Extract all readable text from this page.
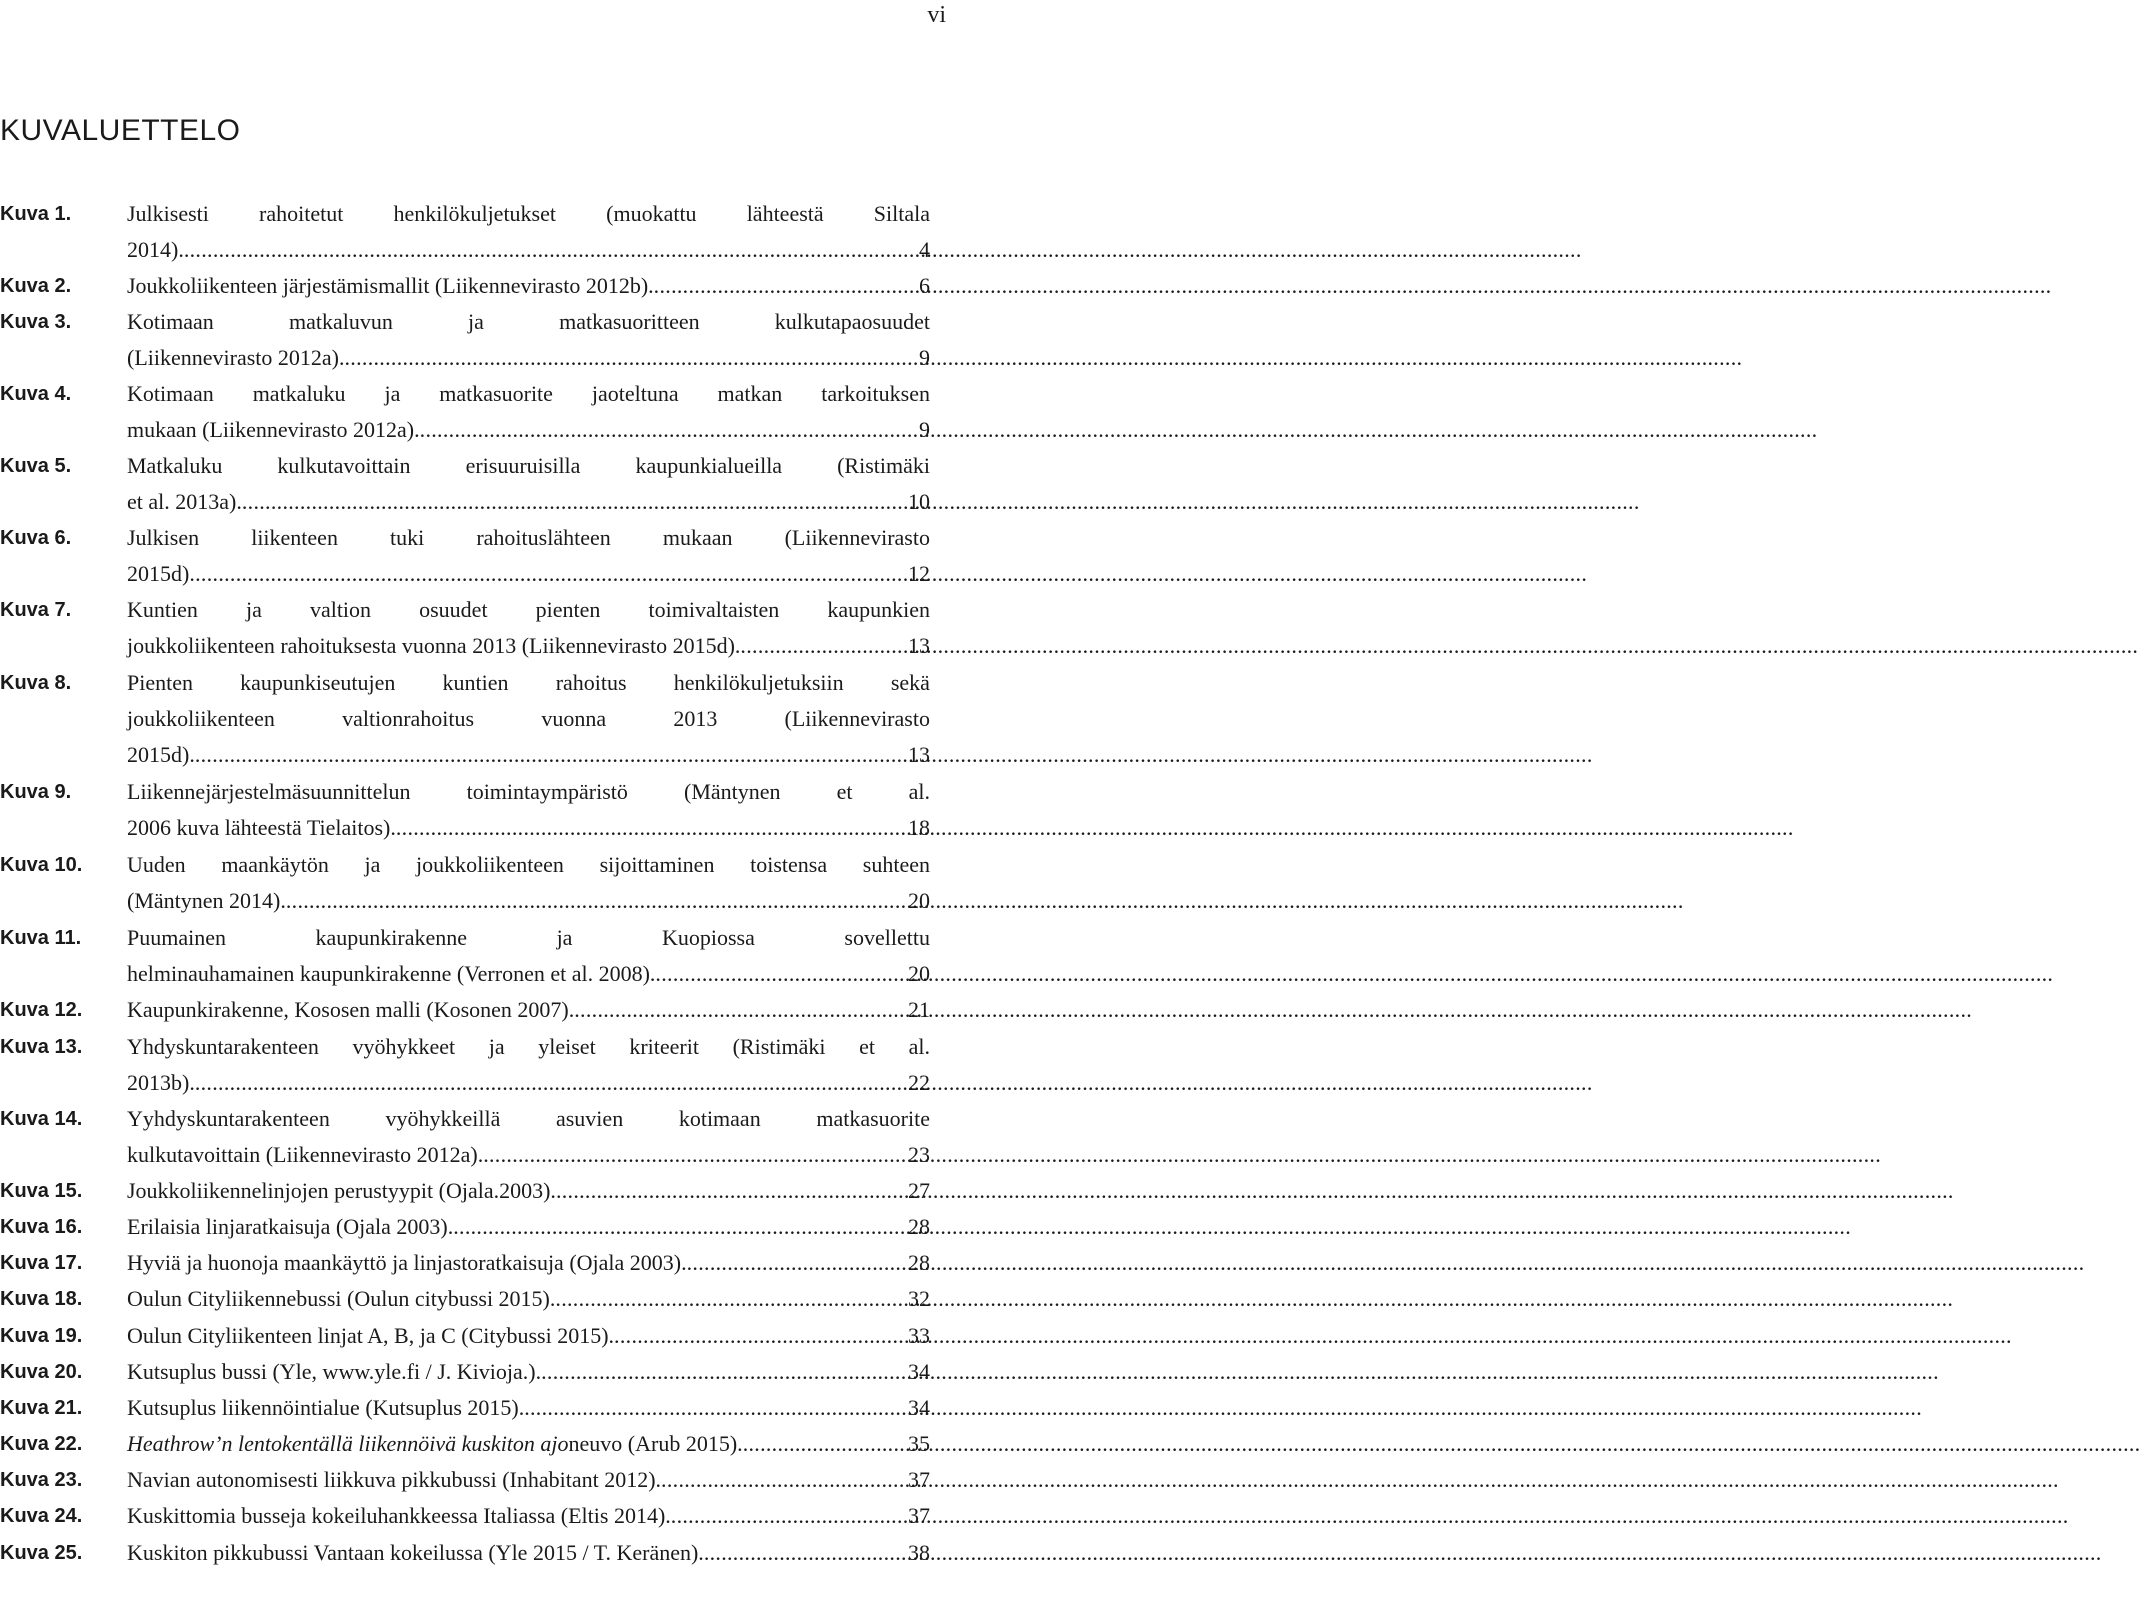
vi
KUVALUETTELO
Kuva 1.	Julkisesti rahoitetut henkilökuljetukset (muokattu lähteestä Siltala
2014). .....	4
Kuva 2.	Joukkoliikenteen järjestämismallit (Liikennevirasto 2012b). .....	6
Kuva 3.	Kotimaan	matkaluvun	ja	matkasuoritteen	kulkutapaosuudet
(Liikennevirasto 2012a). .....	9
Kuva 4.	Kotimaan matkaluku ja matkasuorite jaoteltuna matkan tarkoituksen
mukaan (Liikennevirasto 2012a). .....	9
Kuva 5.	Matkaluku	kulkutavoittain	erisuuruisilla	kaupunkialueilla	(Ristimäki
et al. 2013a). .....	10
Kuva 6.	Julkisen liikenteen tuki rahoituslähteen mukaan (Liikennevirasto
2015d) .....	12
Kuva 7.	Kuntien ja valtion osuudet pienten toimivaltaisten kaupunkien
joukkoliikenteen rahoituksesta vuonna 2013 (Liikennevirasto 2015d). .....	13
Kuva 8.	Pienten kaupunkiseutujen kuntien rahoitus henkilökuljetuksiin sekä
joukkoliikenteen	valtionrahoitus	vuonna	2013	(Liikennevirasto
2015d). .....	13
Kuva 9.	Liikennejärjestelmäsuunnittelun	toimintaympäristö	(Mäntynen	et	al.
2006 kuva lähteestä Tielaitos). .....	18
Kuva 10. Uuden maankäytön ja joukkoliikenteen sijoittaminen toistensa suhteen
(Mäntynen 2014). .....	20
Kuva 11. Puumainen	kaupunkirakenne	ja	Kuopiossa	sovellettu
helminauhamainen kaupunkirakenne (Verronen et al. 2008). .....	20
Kuva 12. Kaupunkirakenne, Kososen malli (Kosonen 2007). .....	21
Kuva 13. Yhdyskuntarakenteen vyöhykkeet ja yleiset kriteerit (Ristimäki et al.
2013b). .....	22
Kuva 14. Yyhdyskuntarakenteen	vyöhykkeillä	asuvien	kotimaan	matkasuorite
kulkutavoittain (Liikennevirasto 2012a). .....	23
Kuva 15. Joukkoliikennelinjojen perustyypit (Ojala.2003). .....	27
Kuva 16. Erilaisia linjaratkaisuja (Ojala 2003). .....	28
Kuva 17. Hyviä ja huonoja maankäyttö ja linjastoratkaisuja (Ojala 2003). .....	28
Kuva 18. Oulun Cityliikennebussi (Oulun citybussi 2015). .....	32
Kuva 19. Oulun Cityliikenteen linjat A, B, ja C (Citybussi 2015). .....	33
Kuva 20. Kutsuplus bussi (Yle, www.yle.fi / J. Kivioja.). .....	34
Kuva 21. Kutsuplus liikennöintialue (Kutsuplus 2015). .....	34
Kuva 22. Heathrow’n lentokentällä liikennöivä kuskiton ajoneuvo (Arub 2015). .....	35
Kuva 23. Navian autonomisesti liikkuva pikkubussi (Inhabitant 2012). .....	37
Kuva 24. Kuskittomia busseja kokeiluhankkeessa Italiassa (Eltis 2014). .....	37
Kuva 25. Kuskiton pikkubussi Vantaan kokeilussa (Yle 2015 / T. Keränen). .....	38
